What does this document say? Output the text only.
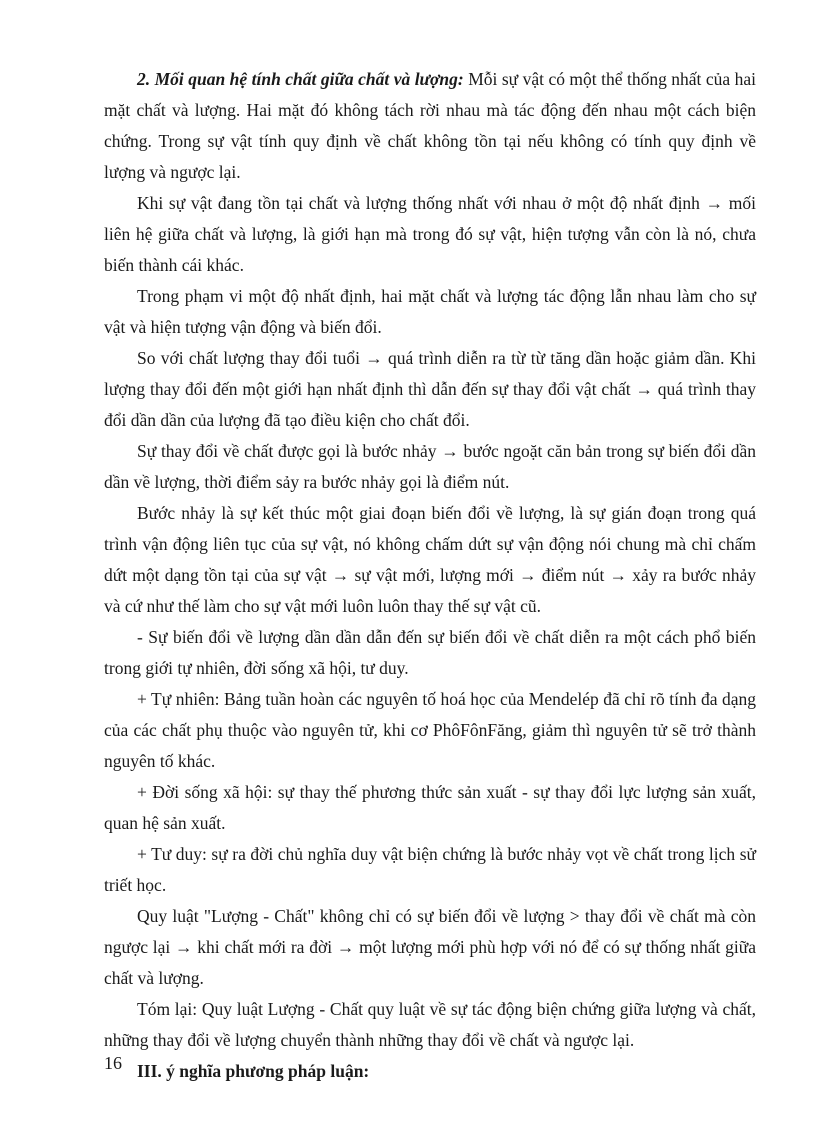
2. Mối quan hệ tính chất giữa chất và lượng: Mỗi sự vật có một thể thống nhất của hai mặt chất và lượng. Hai mặt đó không tách rời nhau mà tác động đến nhau một cách biện chứng. Trong sự vật tính quy định về chất không tồn tại nếu không có tính quy định về lượng và ngược lại.

Khi sự vật đang tồn tại chất và lượng thống nhất với nhau ở một độ nhất định → mối liên hệ giữa chất và lượng, là giới hạn mà trong đó sự vật, hiện tượng vẫn còn là nó, chưa biến thành cái khác.

Trong phạm vi một độ nhất định, hai mặt chất và lượng tác động lẫn nhau làm cho sự vật và hiện tượng vận động và biến đổi.

So với chất lượng thay đổi tuổi → quá trình diễn ra từ từ tăng dần hoặc giảm dần. Khi lượng thay đổi đến một giới hạn nhất định thì dẫn đến sự thay đổi vật chất → quá trình thay đổi dần dần của lượng đã tạo điều kiện cho chất đổi.

Sự thay đổi về chất được gọi là bước nhảy → bước ngoặt căn bản trong sự biến đổi dần dần về lượng, thời điểm sảy ra bước nhảy gọi là điểm nút.

Bước nhảy là sự kết thúc một giai đoạn biến đổi về lượng, là sự gián đoạn trong quá trình vận động liên tục của sự vật, nó không chấm dứt sự vận động nói chung mà chỉ chấm dứt một dạng tồn tại của sự vật → sự vật mới, lượng mới → điểm nút → xảy ra bước nhảy và cứ như thế làm cho sự vật mới luôn luôn thay thế sự vật cũ.

- Sự biến đổi về lượng dần dần dẫn đến sự biến đổi về chất diễn ra một cách phổ biến trong giới tự nhiên, đời sống xã hội, tư duy.

+ Tự nhiên: Bảng tuần hoàn các nguyên tố hoá học của Mendelép đã chỉ rõ tính đa dạng của các chất phụ thuộc vào nguyên tử, khi cơ PhôFônFăng, giảm thì nguyên tử sẽ trở thành nguyên tố khác.

+ Đời sống xã hội: sự thay thế phương thức sản xuất - sự thay đổi lực lượng sản xuất, quan hệ sản xuất.

+ Tư duy: sự ra đời chủ nghĩa duy vật biện chứng là bước nhảy vọt về chất trong lịch sử triết học.

Quy luật "Lượng - Chất" không chỉ có sự biến đổi về lượng > thay đổi về chất mà còn ngược lại → khi chất mới ra đời → một lượng mới phù hợp với nó để có sự thống nhất giữa chất và lượng.

Tóm lại: Quy luật Lượng - Chất quy luật về sự tác động biện chứng giữa lượng và chất, những thay đổi về lượng chuyển thành những thay đổi về chất và ngược lại.

III. ý nghĩa phương pháp luận:

16
